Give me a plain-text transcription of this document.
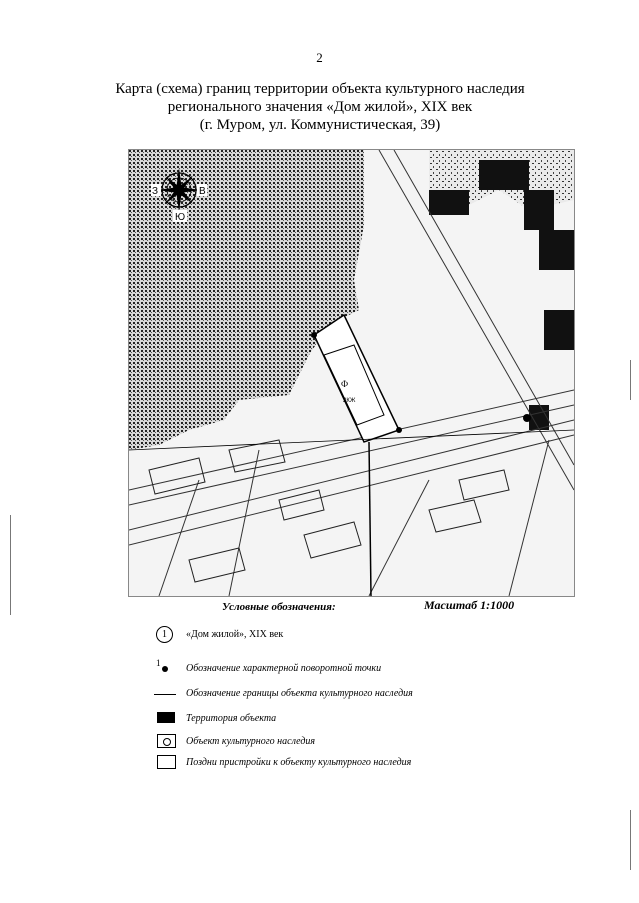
2
Карта (схема) границ территории объекта культурного наследия
регионального значения «Дом жилой», XIX век
(г. Муром, ул. Коммунистическая, 39)
З	В
Ю
Ф
2КЖ
Условные обозначения:	Масштаб 1:1000
1	«Дом жилой», XIX век
1	Обозначение характерной поворотной точки
Обозначение границы объекта культурного наследия
Территория объекта
Объект культурного наследия
Поздни пристройки к объекту культурного наследия
